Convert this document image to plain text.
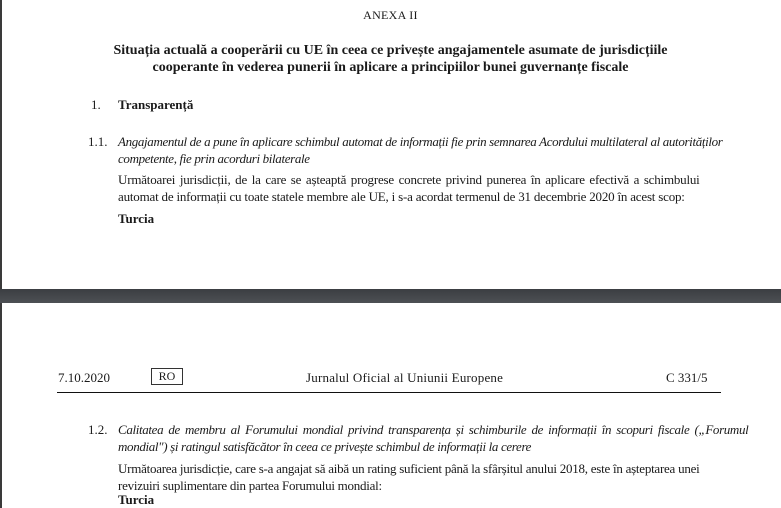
ANEXA II
Situația actuală a cooperării cu UE în ceea ce privește angajamentele asumate de jurisdicțiile
cooperante în vederea punerii în aplicare a principiilor bunei guvernanțe fiscale
1. Transparență
1.1. Angajamentul de a pune în aplicare schimbul automat de informații fie prin semnarea Acordului multilateral al autorităților
competente, fie prin acorduri bilaterale
Următoarei jurisdicții, de la care se așteaptă progrese concrete privind punerea în aplicare efectivă a schimbului
automat de informații cu toate statele membre ale UE, i s-a acordat termenul de 31 decembrie 2020 în acest scop:
Turcia
7.10.2020	RO	Jurnalul Oficial al Uniunii Europene	C 331/5
1.2. Calitatea de membru al Forumului mondial privind transparența și schimburile de informații în scopuri fiscale („Forumul
mondial") și ratingul satisfăcător în ceea ce privește schimbul de informații la cerere
Următoarea jurisdicție, care s-a angajat să aibă un rating suficient până la sfârșitul anului 2018, este în așteptarea unei
revizuiri suplimentare din partea Forumului mondial:
Turcia
